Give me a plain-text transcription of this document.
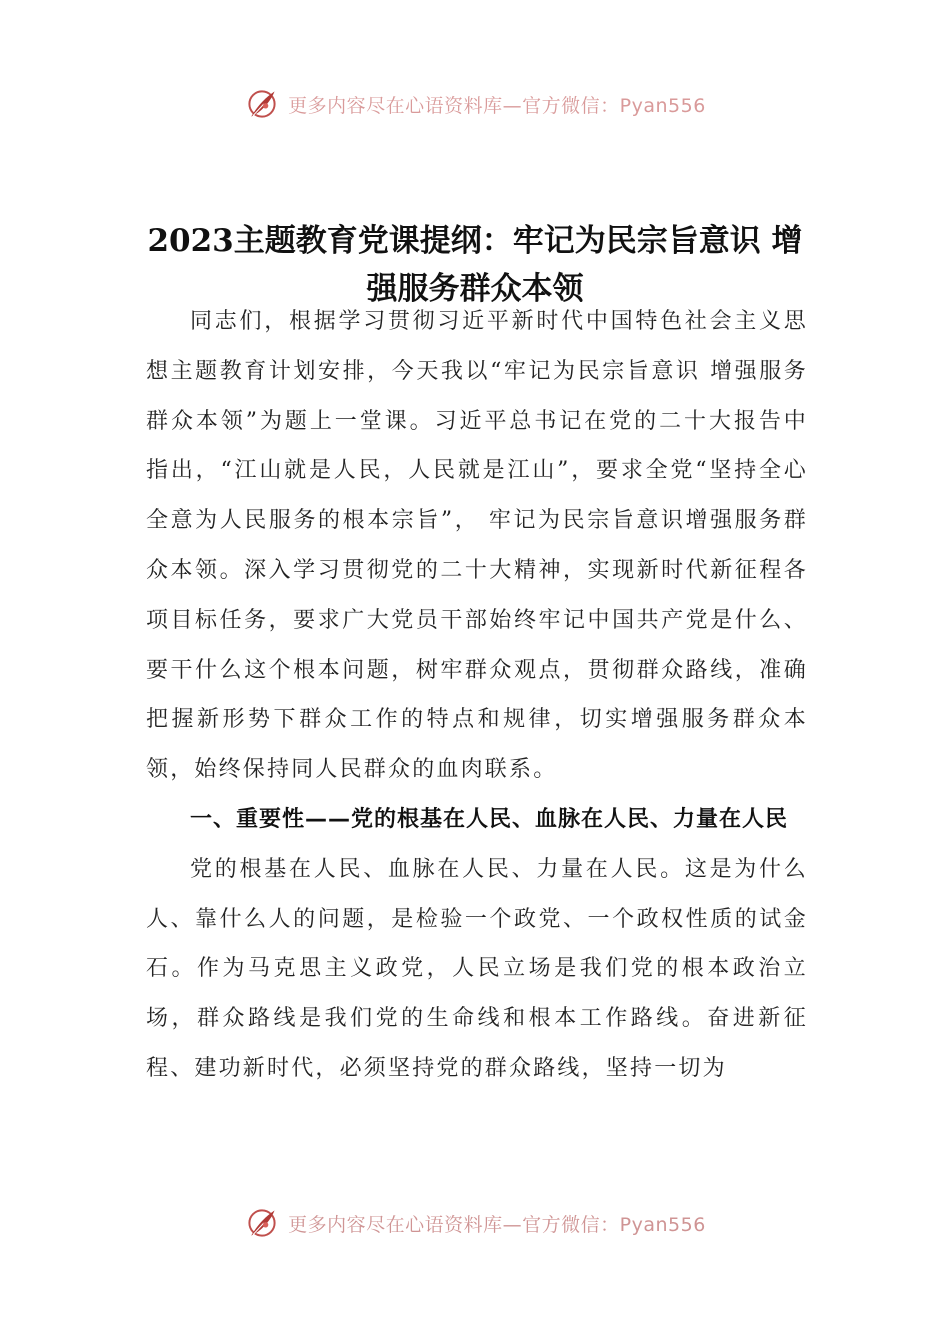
更多内容尽在心语资料库—官方微信：Pyan556
2023主题教育党课提纲：牢记为民宗旨意识 增强服务群众本领

同志们，根据学习贯彻习近平新时代中国特色社会主义思想主题教育计划安排，今天我以“牢记为民宗旨意识 增强服务群众本领”为题上一堂课。习近平总书记在党的二十大报告中指出，“江山就是人民，人民就是江山”，要求全党“坚持全心全意为人民服务的根本宗旨”， 牢记为民宗旨意识增强服务群众本领。深入学习贯彻党的二十大精神，实现新时代新征程各项目标任务，要求广大党员干部始终牢记中国共产党是什么、要干什么这个根本问题，树牢群众观点，贯彻群众路线，准确把握新形势下群众工作的特点和规律，切实增强服务群众本领，始终保持同人民群众的血肉联系。

一、重要性——党的根基在人民、血脉在人民、力量在人民

党的根基在人民、血脉在人民、力量在人民。这是为什么人、靠什么人的问题，是检验一个政党、一个政权性质的试金石。作为马克思主义政党，人民立场是我们党的根本政治立场，群众路线是我们党的生命线和根本工作路线。奋进新征程、建功新时代，必须坚持党的群众路线，坚持一切为

更多内容尽在心语资料库—官方微信：Pyan556
